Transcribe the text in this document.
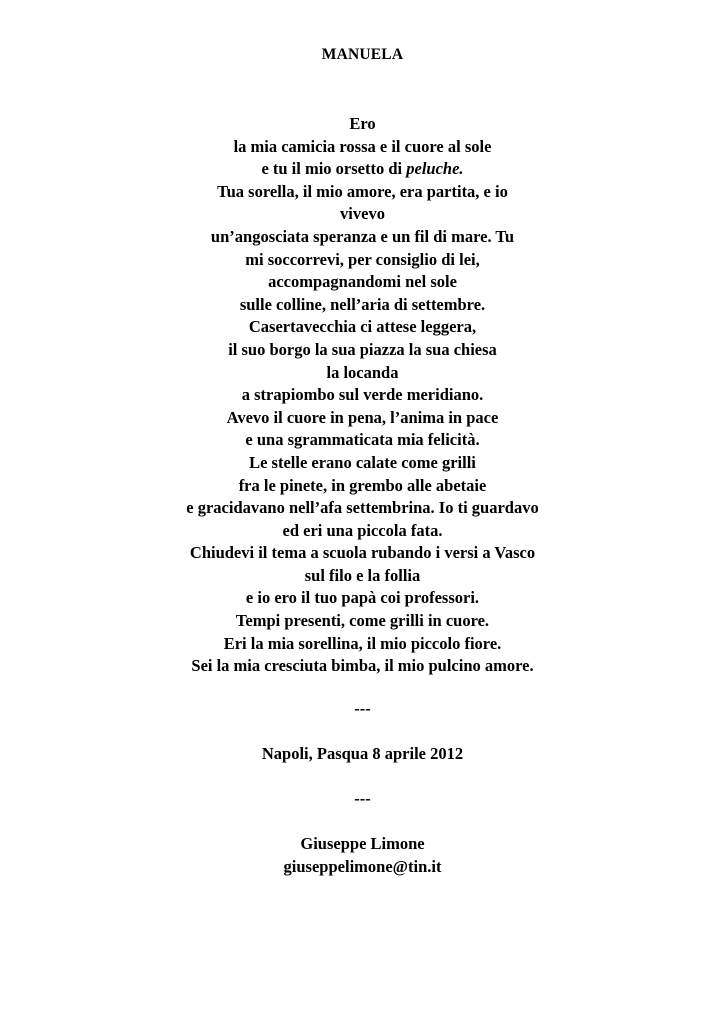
MANUELA
Ero
la mia camicia rossa e il cuore al sole
e tu il mio orsetto di peluche.
Tua sorella, il mio amore, era partita, e io
vivevo
un’angosciata speranza e un fil di mare. Tu
mi soccorrevi, per consiglio di lei,
accompagnandomi nel sole
sulle colline, nell’aria di settembre.
Casertavecchia ci attese leggera,
il suo borgo la sua piazza la sua chiesa
la locanda
a strapiombo sul verde meridiano.
Avevo il cuore in pena, l’anima in pace
e una sgrammaticata mia felicità.
Le stelle erano calate come grilli
fra le pinete, in grembo alle abetaie
e gracidavano nell’afa settembrina. Io ti guardavo
ed eri una piccola fata.
Chiudevi il tema a scuola rubando i versi a Vasco
sul filo e la follia
e io ero il tuo papà coi professori.
Tempi presenti, come grilli in cuore.
Eri la mia sorellina, il mio piccolo fiore.
Sei la mia cresciuta bimba, il mio pulcino amore.
---
Napoli, Pasqua 8 aprile 2012
---
Giuseppe Limone
giuseppelimone@tin.it
